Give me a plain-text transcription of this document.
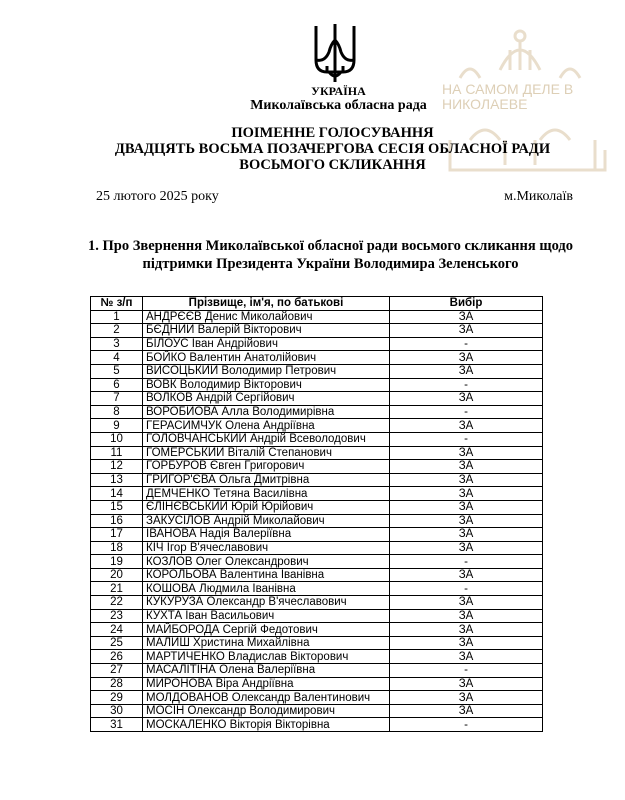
НА САМОМ ДЕЛЕ В НИКОЛАЕВЕ
УКРАЇНА
Миколаївська обласна рада
ПОІМЕННЕ ГОЛОСУВАННЯ
ДВАДЦЯТЬ ВОСЬМА ПОЗАЧЕРГОВА СЕСІЯ ОБЛАСНОЇ РАДИ
ВОСЬМОГО СКЛИКАННЯ
25 лютого 2025 року	м.Миколаїв
1. Про Звернення Миколаївської обласної ради восьмого скликання щодо
підтримки Президента України Володимира Зеленського
№ з/п	Прізвище, ім'я, по батькові	Вибір
1	АНДРЄЄВ Денис Миколайович	ЗА
2	БЄДНИЙ Валерій Вікторович	ЗА
3	БІЛОУС Іван Андрійович	-
4	БОЙКО Валентин Анатолійович	ЗА
5	ВИСОЦЬКИЙ Володимир Петрович	ЗА
6	ВОВК Володимир Вікторович	-
7	ВОЛКОВ Андрій Сергійович	ЗА
8	ВОРОБЙОВА Алла Володимирівна	-
9	ГЕРАСИМЧУК Олена Андріївна	ЗА
10	ГОЛОВЧАНСЬКИЙ Андрій Всеволодович	-
11	ГОМЕРСЬКИЙ Віталій Степанович	ЗА
12	ГОРБУРОВ Євген Григорович	ЗА
13	ГРИГОР'ЄВА Ольга Дмитрівна	ЗА
14	ДЕМЧЕНКО Тетяна Василівна	ЗА
15	ЄЛІНЄВСЬКИЙ Юрій Юрійович	ЗА
16	ЗАКУСІЛОВ Андрій Миколайович	ЗА
17	ІВАНОВА Надія Валеріївна	ЗА
18	КІЧ Ігор В'ячеславович	ЗА
19	КОЗЛОВ Олег Олександрович	-
20	КОРОЛЬОВА Валентина Іванівна	ЗА
21	КОШОВА Людмила Іванівна	-
22	КУКУРУЗА Олександр В'ячеславович	ЗА
23	КУХТА Іван Васильович	ЗА
24	МАЙБОРОДА Сергій Федотович	ЗА
25	МАЛИШ Христина Михайлівна	ЗА
26	МАРТИЧЕНКО Владислав Вікторович	ЗА
27	МАСАЛІТІНА Олена Валеріївна	-
28	МИРОНОВА Віра Андріївна	ЗА
29	МОЛДОВАНОВ Олександр Валентинович	ЗА
30	МОСІН Олександр Володимирович	ЗА
31	МОСКАЛЕНКО Вікторія Вікторівна	-
